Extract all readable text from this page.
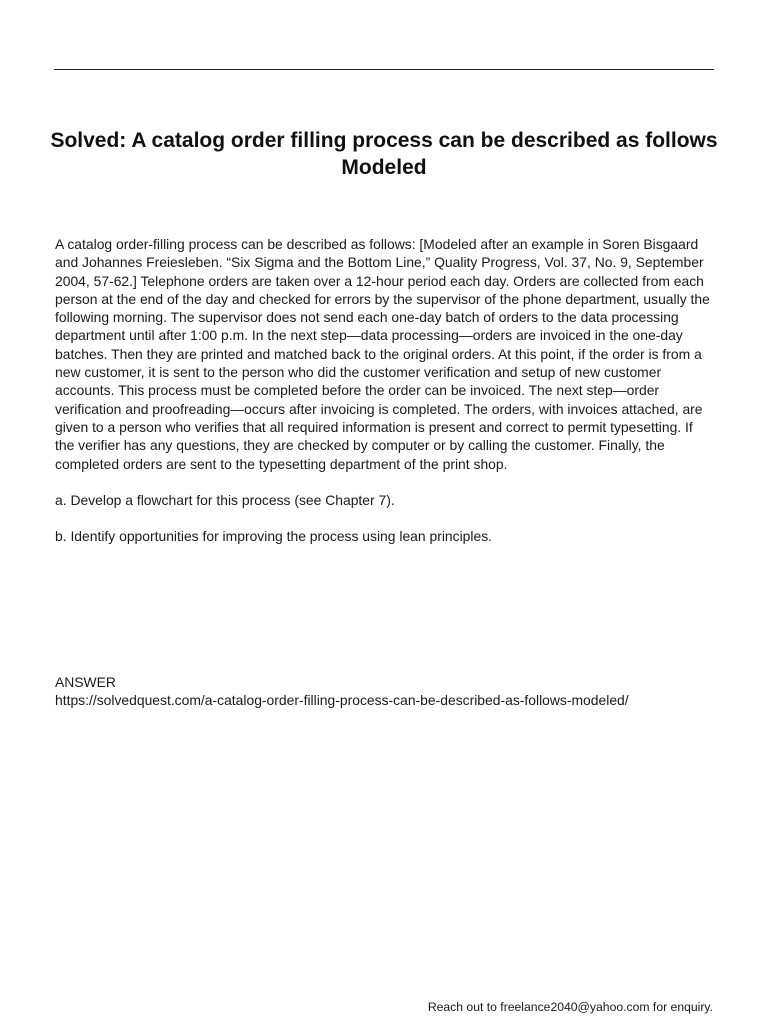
Solved: A catalog order filling process can be described as follows Modeled

A catalog order-filling process can be described as follows: [Modeled after an example in Soren Bisgaard and Johannes Freiesleben. “Six Sigma and the Bottom Line,” Quality Progress, Vol. 37, No. 9, September 2004, 57-62.] Telephone orders are taken over a 12-hour period each day. Orders are collected from each person at the end of the day and checked for errors by the supervisor of the phone department, usually the following morning. The supervisor does not send each one-day batch of orders to the data processing department until after 1:00 p.m. In the next step—data processing—orders are invoiced in the one-day batches. Then they are printed and matched back to the original orders. At this point, if the order is from a new customer, it is sent to the person who did the customer verification and setup of new customer accounts. This process must be completed before the order can be invoiced. The next step—order verification and proofreading—occurs after invoicing is completed. The orders, with invoices attached, are given to a person who verifies that all required information is present and correct to permit typesetting. If the verifier has any questions, they are checked by computer or by calling the customer. Finally, the completed orders are sent to the typesetting department of the print shop.

a. Develop a flowchart for this process (see Chapter 7).

b. Identify opportunities for improving the process using lean principles.

ANSWER
https://solvedquest.com/a-catalog-order-filling-process-can-be-described-as-follows-modeled/
Reach out to freelance2040@yahoo.com for enquiry.
